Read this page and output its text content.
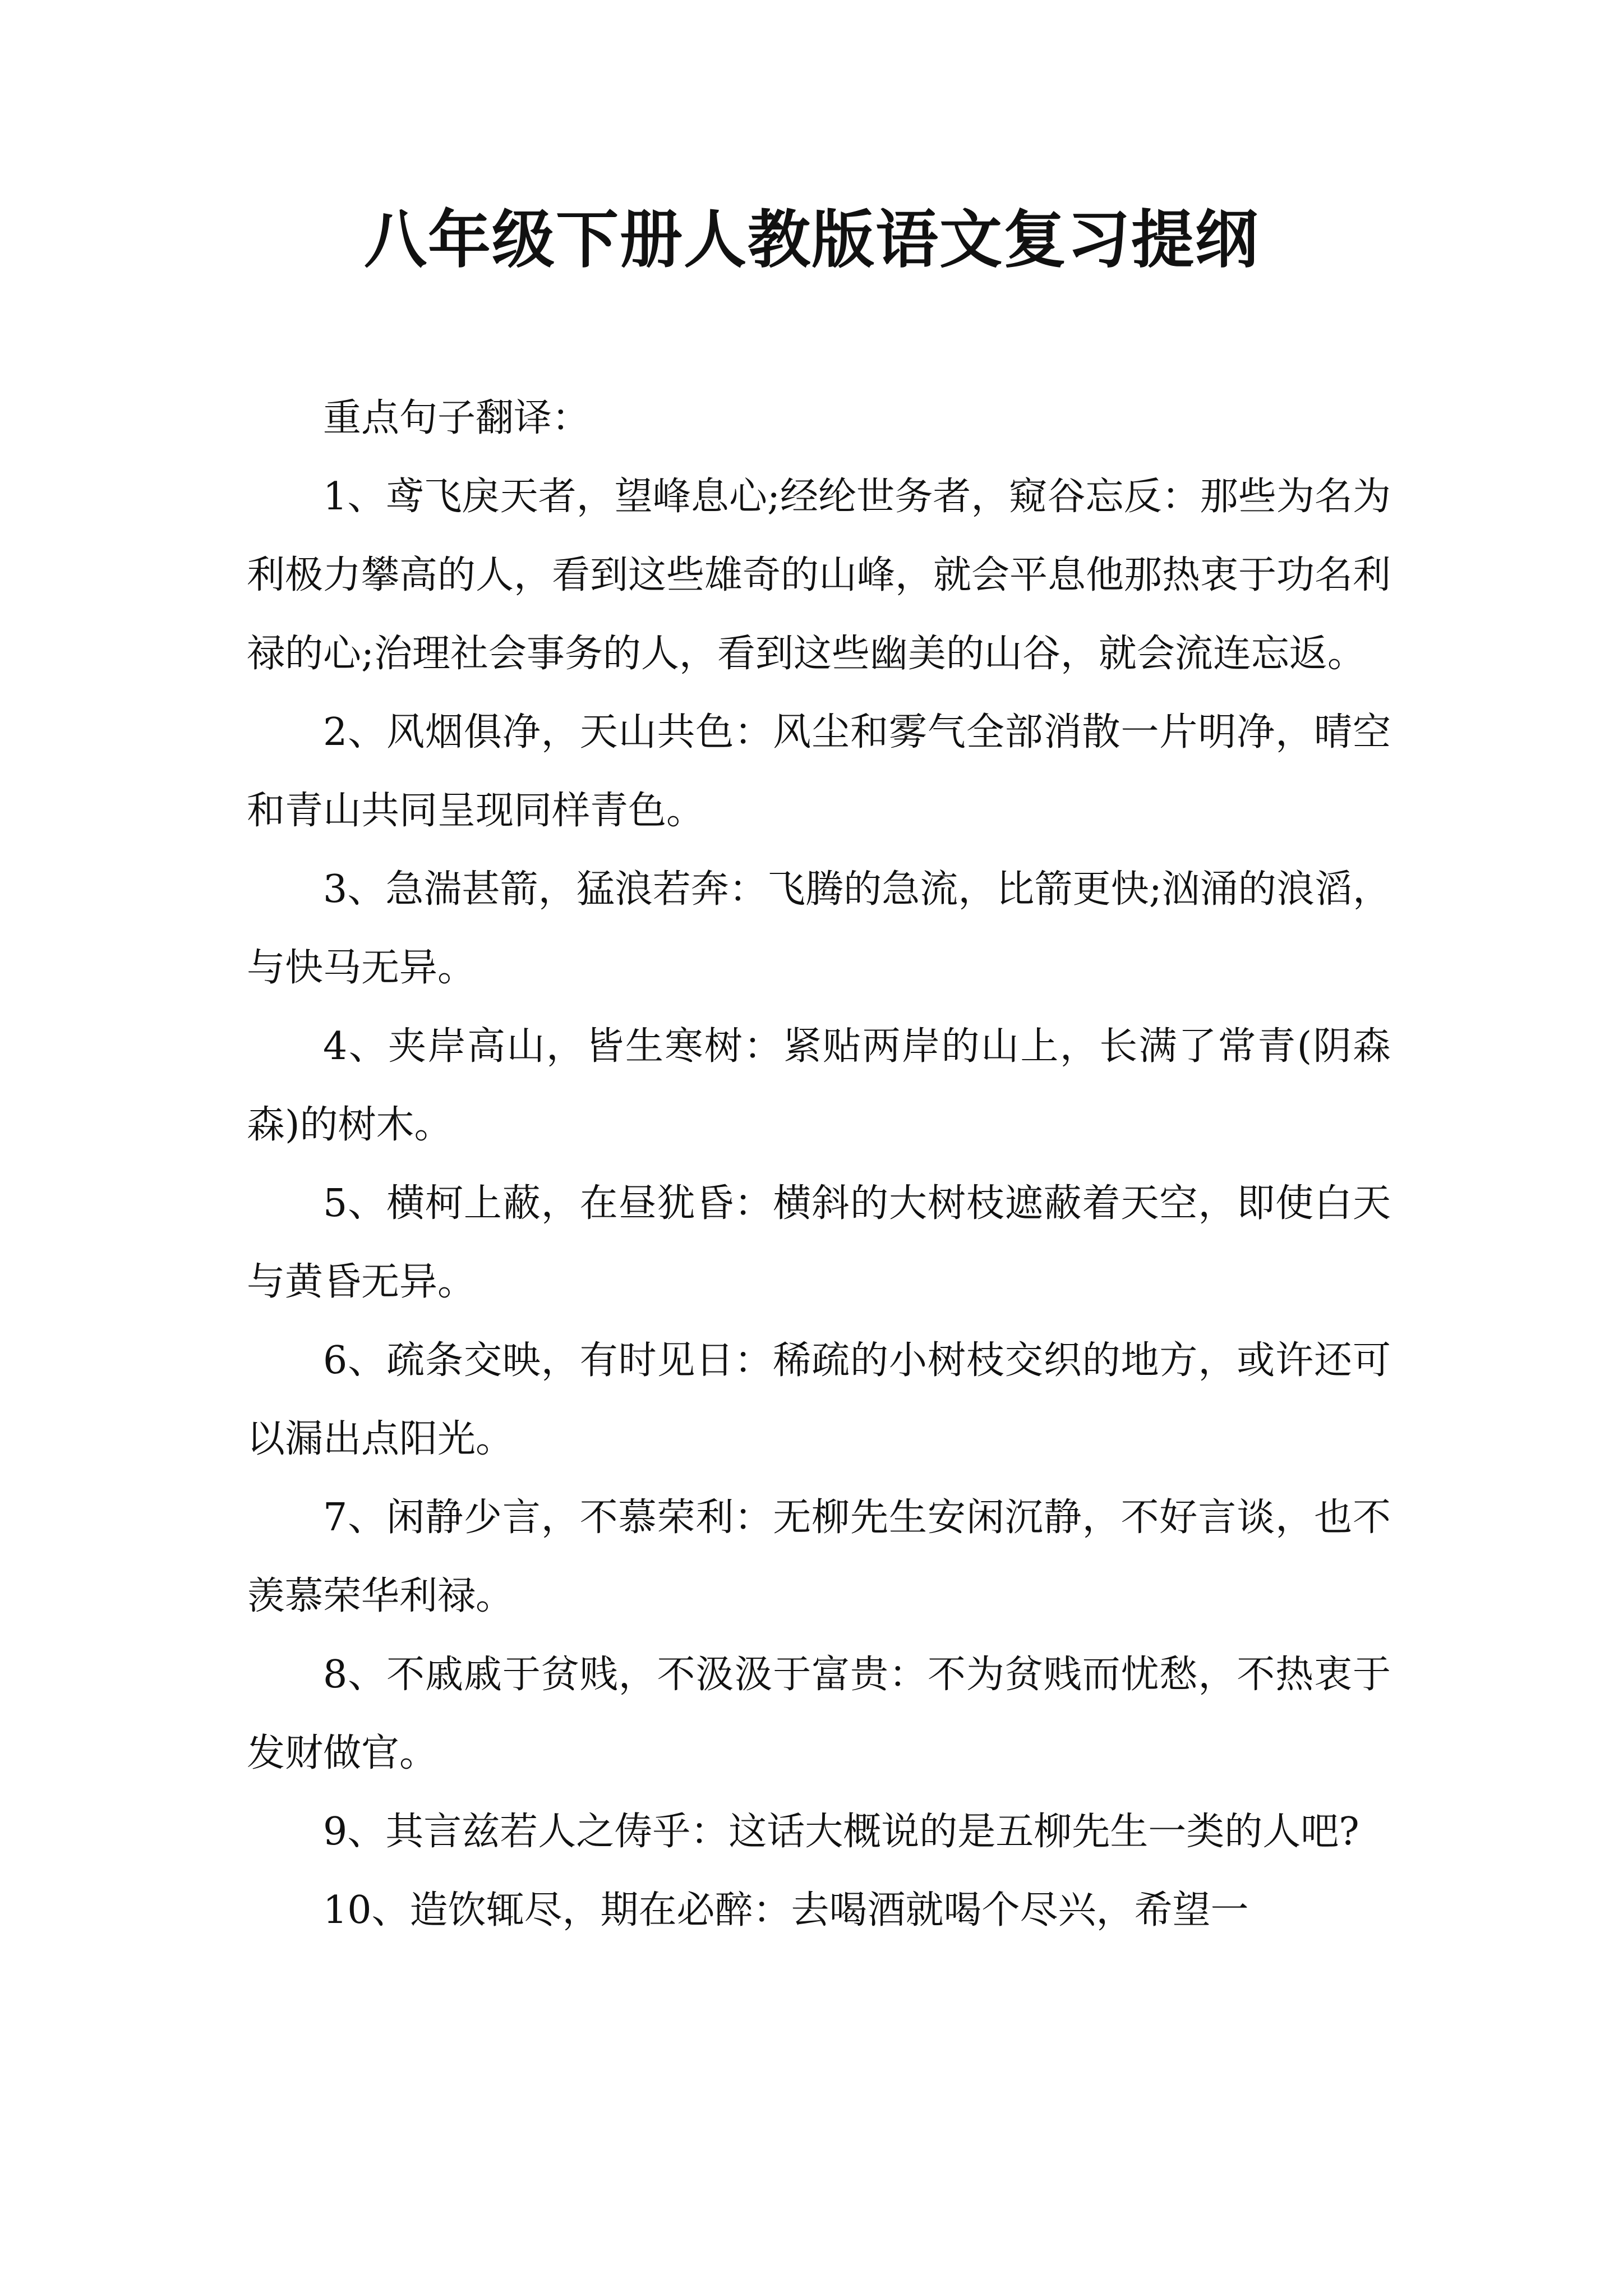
八年级下册人教版语文复习提纲

重点句子翻译：

1、鸢飞戾天者，望峰息心;经纶世务者，窥谷忘反：那些为名为利极力攀高的人，看到这些雄奇的山峰，就会平息他那热衷于功名利禄的心;治理社会事务的人，看到这些幽美的山谷，就会流连忘返。

2、风烟俱净，天山共色：风尘和雾气全部消散一片明净，晴空和青山共同呈现同样青色。

3、急湍甚箭，猛浪若奔：飞腾的急流，比箭更快;汹涌的浪滔，与快马无异。

4、夹岸高山，皆生寒树：紧贴两岸的山上，长满了常青(阴森森)的树木。

5、横柯上蔽，在昼犹昏：横斜的大树枝遮蔽着天空，即使白天与黄昏无异。

6、疏条交映，有时见日：稀疏的小树枝交织的地方，或许还可以漏出点阳光。

7、闲静少言，不慕荣利：无柳先生安闲沉静，不好言谈，也不羡慕荣华利禄。

8、不戚戚于贫贱，不汲汲于富贵：不为贫贱而忧愁，不热衷于发财做官。

9、其言兹若人之俦乎：这话大概说的是五柳先生一类的人吧?

10、造饮辄尽，期在必醉：去喝酒就喝个尽兴，希望一
